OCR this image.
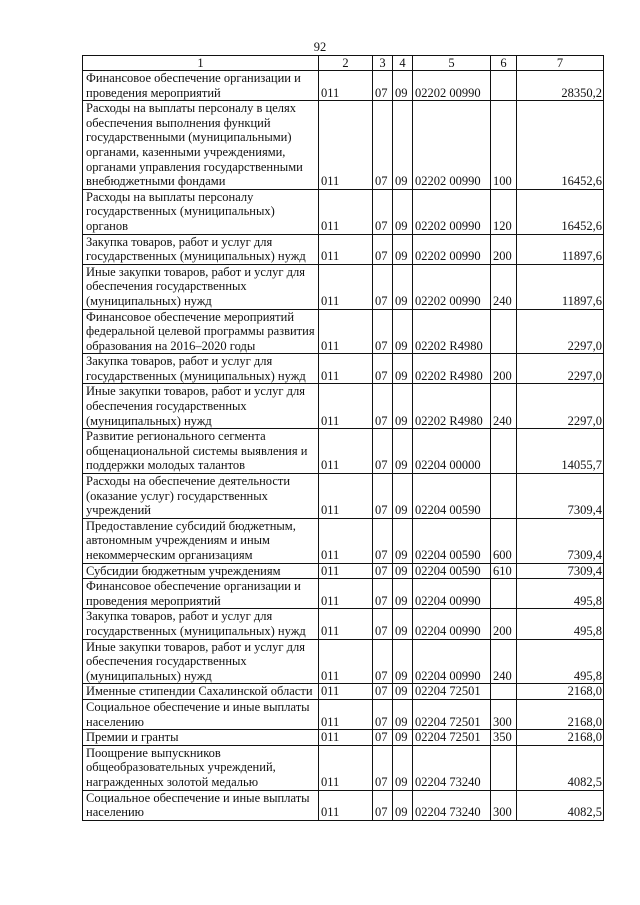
92
1	2	3	4	5	6	7
Финансовое обеспечение организации и проведения мероприятий	011	07	09	02202 00990		28350,2
Расходы на выплаты персоналу в целях обеспечения выполнения функций государственными (муниципальными) органами, казенными учреждениями, органами управления государственными внебюджетными фондами	011	07	09	02202 00990	100	16452,6
Расходы на выплаты персоналу государственных (муниципальных) органов	011	07	09	02202 00990	120	16452,6
Закупка товаров, работ и услуг для государственных (муниципальных) нужд	011	07	09	02202 00990	200	11897,6
Иные закупки товаров, работ и услуг для обеспечения государственных (муниципальных) нужд	011	07	09	02202 00990	240	11897,6
Финансовое обеспечение мероприятий федеральной целевой программы развития образования на 2016–2020 годы	011	07	09	02202 R4980		2297,0
Закупка товаров, работ и услуг для государственных (муниципальных) нужд	011	07	09	02202 R4980	200	2297,0
Иные закупки товаров, работ и услуг для обеспечения государственных (муниципальных) нужд	011	07	09	02202 R4980	240	2297,0
Развитие регионального сегмента общенациональной системы выявления и поддержки молодых талантов	011	07	09	02204 00000		14055,7
Расходы на обеспечение деятельности (оказание услуг) государственных учреждений	011	07	09	02204 00590		7309,4
Предоставление субсидий бюджетным, автономным учреждениям и иным некоммерческим организациям	011	07	09	02204 00590	600	7309,4
Субсидии бюджетным учреждениям	011	07	09	02204 00590	610	7309,4
Финансовое обеспечение организации и проведения мероприятий	011	07	09	02204 00990		495,8
Закупка товаров, работ и услуг для государственных (муниципальных) нужд	011	07	09	02204 00990	200	495,8
Иные закупки товаров, работ и услуг для обеспечения государственных (муниципальных) нужд	011	07	09	02204 00990	240	495,8
Именные стипендии Сахалинской области	011	07	09	02204 72501		2168,0
Социальное обеспечение и иные выплаты населению	011	07	09	02204 72501	300	2168,0
Премии и гранты	011	07	09	02204 72501	350	2168,0
Поощрение выпускников общеобразовательных учреждений, награжденных золотой медалью	011	07	09	02204 73240		4082,5
Социальное обеспечение и иные выплаты населению	011	07	09	02204 73240	300	4082,5
